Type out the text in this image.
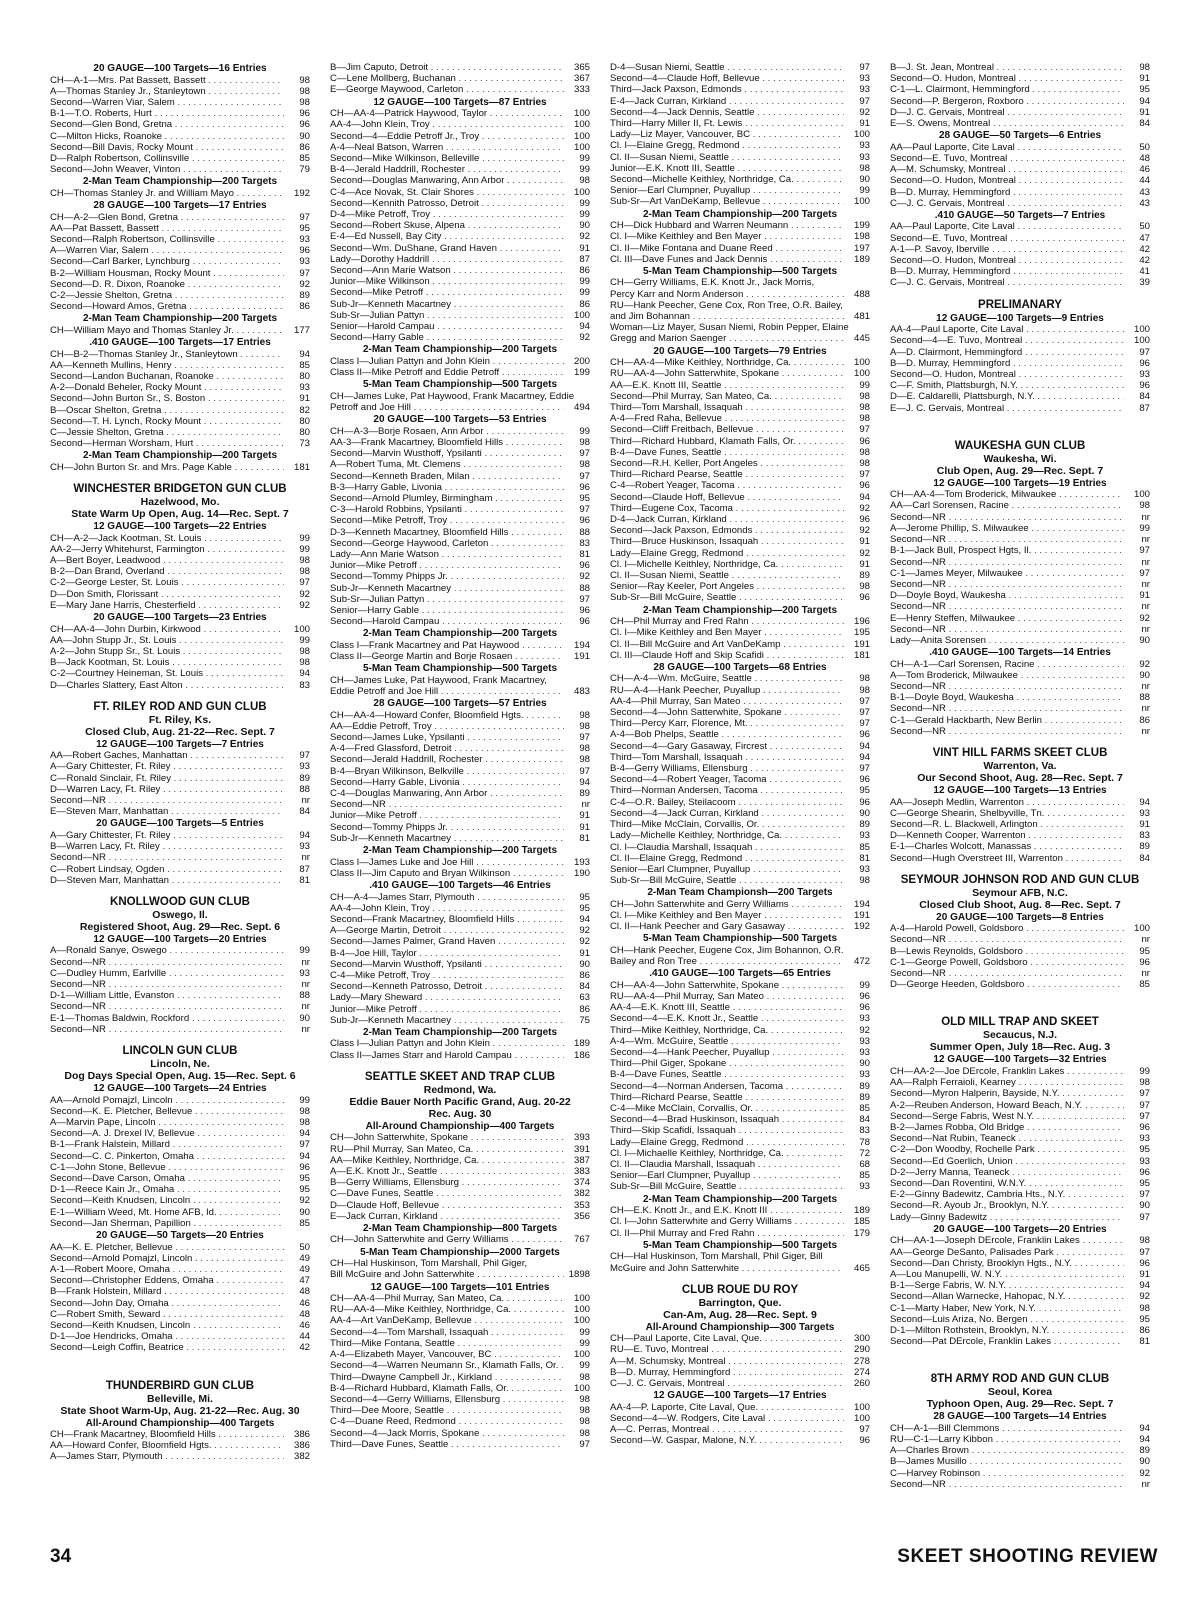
20 GAUGE—100 Targets—16 Entries
CH—A-1—Mrs. Pat Bassett, Bassett . . .	98
A—Thomas Stanley Jr., Stanleytown . . .	98
Second—Warren Viar, Salem . . .	98
B-1—T.O. Roberts, Hurt . . .	96
Second—Glen Bond, Gretna . . .	96
C—Milton Hicks, Roanoke . . .	90
Second—Bill Davis, Rocky Mount . . .	86
D—Ralph Robertson, Collinsville . . .	85
Second—John Weaver, Vinton . . .	79
2-Man Team Championship—200 Targets
CH—Thomas Stanley Jr. and William Mayo . . .	192
28 GAUGE—100 Targets—17 Entries
CH—A-2—Glen Bond, Gretna . . .	97
AA—Pat Bassett, Bassett . . .	95
Second—Ralph Robertson, Collinsville . . .	93
A—Warren Viar, Salem . . .	96
Second—Carl Barker, Lynchburg . . .	93
B-2—William Housman, Rocky Mount . . .	97
Second—D. R. Dixon, Roanoke . . .	92
C-2—Jessie Shelton, Gretna . . .	89
Second—Howard Amos, Gretna . . .	86
2-Man Team Championship—200 Targets
CH—William Mayo and Thomas Stanley Jr. . . .	177
.410 GAUGE—100 Targets—17 Entries
CH—B-2—Thomas Stanley Jr., Stanleytown . . .	94
AA—Kenneth Mullins, Henry . . .	85
Second—Landon Buchanan, Roanoke . . .	80
A-2—Donald Beheler, Rocky Mount . . .	93
Second—John Burton Sr., S. Boston . . .	91
B—Oscar Shelton, Gretna . . .	82
Second—T. H. Lynch, Rocky Mount . . .	80
C—Jessie Shelton, Gretna . . .	80
Second—Herman Worsham, Hurt . . .	73
2-Man Team Championship—200 Targets
CH—John Burton Sr. and Mrs. Page Kable . . .	181
WINCHESTER BRIDGETON GUN CLUB
Hazelwood, Mo.
State Warm Up Open, Aug. 14—Rec. Sept. 7
12 GAUGE—100 Targets—22 Entries
CH—A-2—Jack Kootman, St. Louis . . .	99
AA-2—Jerry Whitehurst, Farmington . . .	99
A—Bert Boyer, Leadwood . . .	98
B-2—Dan Brand, Overland . . .	98
C-2—George Lester, St. Louis . . .	97
D—Don Smith, Florissant . . .	92
E—Mary Jane Harris, Chesterfield . . .	92
20 GAUGE—100 Targets—23 Entries
CH—AA-4—John Durbin, Kirkwood . . .	100
AA—John Stupp Jr., St. Louis . . .	99
A-2—John Stupp Sr., St. Louis . . .	98
B—Jack Kootman, St. Louis . . .	98
C-2—Courtney Heineman, St. Louis . . .	94
D—Charles Slattery, East Alton . . .	83
FT. RILEY ROD AND GUN CLUB
Ft. Riley, Ks.
Closed Club, Aug. 21-22—Rec. Sept. 7
12 GAUGE—100 Targets—7 Entries
AA—Robert Gaches, Manhattan . . .	97
A—Gary Chittester, Ft. Riley . . .	93
C—Ronald Sinclair, Ft. Riley . . .	89
D—Warren Lacy, Ft. Riley . . .	88
Second—NR . . .	nr
E—Steven Marr, Manhattan . . .	84
20 GAUGE—100 Targets—5 Entries
A—Gary Chittester, Ft. Riley . . .	94
B—Warren Lacy, Ft. Riley . . .	93
Second—NR . . .	nr
C—Robert Lindsay, Ogden . . .	87
D—Steven Marr, Manhattan . . .	81
KNOLLWOOD GUN CLUB
Oswego, Il.
Registered Shoot, Aug. 29—Rec. Sept. 6
12 GAUGE—100 Targets—20 Entries
A—Ronald Sanye, Oswego . . .	99
Second—NR . . .	nr
C—Dudley Humm, Earlville . . .	93
Second—NR . . .	nr
D-1—William Little, Evanston . . .	88
Second—NR . . .	nr
E-1—Thomas Baldwin, Rockford . . .	90
Second—NR . . .	nr
LINCOLN GUN CLUB
Lincoln, Ne.
Dog Days Special Open, Aug. 15—Rec. Sept. 6
12 GAUGE—100 Targets—24 Entries
AA—Arnold Pomajzl, Lincoln . . .	99
Second—K. E. Pletcher, Bellevue . . .	98
A—Marvin Pape, Lincoln . . .	98
Second—A. J. Drexel IV, Bellevue . . .	94
B-1—Frank Halstein, Millard . . .	97
Second—C. C. Pinkerton, Omaha . . .	94
C-1—John Stone, Bellevue . . .	96
Second—Dave Carson, Omaha . . .	95
D-1—Reece Kain Jr., Omaha . . .	95
Second—Keith Knudsen, Lincoln . . .	92
E-1—William Weed, Mt. Home AFB, Id. . . .	90
Second—Jan Sherman, Papillion . . .	85
20 GAUGE—50 Targets—20 Entries
AA—K. E. Pletcher, Bellevue . . .	50
Second—Arnold Pomajzl, Lincoln . . .	49
A-1—Robert Moore, Omaha . . .	49
Second—Christopher Eddens, Omaha . . .	47
B—Frank Holstein, Millard . . .	48
Second—John Day, Omaha . . .	46
C—Robert Smith, Seward . . .	48
Second—Keith Knudsen, Lincoln . . .	46
D-1—Joe Hendricks, Omaha . . .	44
Second—Leigh Coffin, Beatrice . . .	42
THUNDERBIRD GUN CLUB
Belleville, Mi.
State Shoot Warm-Up, Aug. 21-22—Rec. Aug. 30
All-Around Championship—400 Targets
CH—Frank Macartney, Bloomfield Hills . . .	386
AA—Howard Confer, Bloomfield Hgts. . . .	386
A—James Starr, Plymouth . . .	382
B—Jim Caputo, Detroit . . .	365
C—Lene Mollberg, Buchanan . . .	367
E—George Maywood, Carleton . . .	333
12 GAUGE—100 Targets—87 Entries
CH—AA-4—Patrick Haywood, Taylor . . .	100
AA-4—John Klein, Troy . . .	100
Second—4—Eddie Petroff Jr., Troy . . .	100
A-4—Neal Batson, Warren . . .	100
Second—Mike Wilkinson, Belleville . . .	99
B-4—Jerald Haddrill, Rochester . . .	99
Second—Douglas Manwaring, Ann Arbor . . .	98
C-4—Ace Novak, St. Clair Shores . . .	100
Second—Kennith Patrosso, Detroit . . .	99
D-4—Mike Petroff, Troy . . .	99
Second—Robert Skuse, Alpena . . .	90
E-4—Ed Nussell, Bay City . . .	92
Second—Wm. DuShane, Grand Haven . . .	91
Lady—Dorothy Haddrill . . .	87
Second—Ann Marie Watson . . .	86
Junior—Mike Wilkinson . . .	99
Second—Mike Petroff . . .	99
Sub-Jr—Kenneth Macartney . . .	86
Sub-Sr—Julian Pattyn . . .	100
Senior—Harold Campau . . .	94
Second—Harry Gable . . .	92
2-Man Team Championship—200 Targets
Class I—Julian Pattyn and John Klein . . .	200
Class II—Mike Petroff and Eddie Petroff . . .	199
5-Man Team Championship—500 Targets
CH—James Luke, Pat Haywood, Frank Macartney, Eddie
Petroff and Joe Hill . . .	494
20 GAUGE—100 Targets—53 Entries
CH—A-3—Borje Rosaen, Ann Arbor . . .	99
AA-3—Frank Macartney, Bloomfield Hills . . .	98
Second—Marvin Wusthoff, Ypsilanti . . .	97
A—Robert Tuma, Mt. Clemens . . .	98
Second—Kenneth Braden, Milan . . .	97
B-3—Harry Gable, Livonia . . .	96
Second—Arnold Plumley, Birmingham . . .	95
C-3—Harold Robbins, Ypsilanti . . .	97
Second—Mike Petroff, Troy . . .	96
D-3—Kenneth Macartney, Bloomfield Hills . . .	88
Second—George Haywood, Carleton . . .	83
Lady—Ann Marie Watson . . .	81
Junior—Mike Petroff . . .	96
Second—Tommy Phipps Jr. . . .	92
Sub-Jr—Kenneth Macartney . . .	88
Sub-Sr—Julian Pattyn . . .	97
Senior—Harry Gable . . .	96
Second—Harold Campau . . .	96
2-Man Team Championship—200 Targets
Class I—Frank Macartney and Pat Haywood . . .	194
Class II—George Martin and Borje Rosaen . . .	191
5-Man Team Championship—500 Targets
CH—James Luke, Pat Haywood, Frank Macartney,
Eddie Petroff and Joe Hill . . .	483
28 GAUGE—100 Targets—57 Entries
CH—AA-4—Howard Confer, Bloomfield Hgts. . . .	98
AA—Eddie Petroff, Troy . . .	98
Second—James Luke, Ypsilanti . . .	97
A-4—Fred Glassford, Detroit . . .	98
Second—Jerald Haddrill, Rochester . . .	98
B-4—Bryan Wilkinson, Belkville . . .	97
Second—Harry Gable, Livonia . . .	94
C-4—Douglas Manwaring, Ann Arbor . . .	89
Second—NR . . .	nr
Junior—Mike Petroff . . .	91
Second—Tommy Phipps Jr. . . .	91
Sub-Jr—Kenneth Macartney . . .	81
2-Man Team Championship—200 Targets
Class I—James Luke and Joe Hill . . .	193
Class II—Jim Caputo and Bryan Wilkinson . . .	190
.410 GAUGE—100 Targets—46 Entries
CH—A-4—James Starr, Plymouth . . .	95
AA-4—John Klein, Troy . . .	95
Second—Frank Macartney, Bloomfield Hills . . .	94
A—George Martin, Detroit . . .	92
Second—James Palmer, Grand Haven . . .	92
B-4—Joe Hill, Taylor . . .	91
Second—Marvin Wusthoff, Ypsilanti . . .	90
C-4—Mike Petroff, Troy . . .	86
Second—Kenneth Patrosso, Detroit . . .	84
Lady—Mary Sheward . . .	63
Junior—Mike Petroff . . .	86
Sub-Jr—Kenneth Macartney . . .	75
2-Man Team Championship—200 Targets
Class I—Julian Pattyn and John Klein . . .	189
Class II—James Starr and Harold Campau . . .	186
SEATTLE SKEET AND TRAP CLUB
Redmond, Wa.
Eddie Bauer North Pacific Grand, Aug. 20-22
Rec. Aug. 30
All-Around Championship—400 Targets
CH—John Satterwhite, Spokane . . .	393
RU—Phil Murray, San Mateo, Ca. . . .	391
AA—Mike Keithley, Northridge, Ca. . . .	387
A—E.K. Knott Jr., Seattle . . .	383
B—Gerry Williams, Ellensburg . . .	374
C—Dave Funes, Seattle . . .	382
D—Claude Hoff, Bellevue . . .	353
E—Jack Curran, Kirkland . . .	356
2-Man Team Championship—800 Targets
CH—John Satterwhite and Gerry Williams . . .	767
5-Man Team Championship—2000 Targets
CH—Hal Huskinson, Tom Marshall, Phil Giger,
Bill McGuire and John Satterwhite . . .	1898
12 GAUGE—100 Targets—101 Entries
CH—AA-4—Phil Murray, San Mateo, Ca. . . .	100
RU—AA-4—Mike Keithley, Northridge, Ca. . . .	100
AA-4—Art VanDeKamp, Bellevue . . .	100
Second—4—Tom Marshall, Issaquah . . .	99
Third—Mike Fontana, Seattle . . .	99
A-4—Elizabeth Mayer, Vancouver, BC . . .	100
Second—4—Warren Neumann Sr., Klamath Falls, Or. . . .	99
Third—Dwayne Campbell Jr., Kirkland . . .	98
B-4—Richard Hubbard, Klamath Falls, Or. . . .	100
Second—4—Gerry Williams, Ellensburg . . .	98
Third—Dee Moore, Seattle . . .	98
C-4—Duane Reed, Redmond . . .	98
Second—4—Jack Morris, Spokane . . .	98
Third—Dave Funes, Seattle . . .	97
D-4—Susan Niemi, Seattle . . .	97
Second—4—Claude Hoff, Bellevue . . .	93
Third—Jack Paxson, Edmonds . . .	93
E-4—Jack Curran, Kirkland . . .	97
Second—4—Jack Dennis, Seattle . . .	92
Third—Harry Miller II, Ft. Lewis . . .	91
Lady—Liz Mayer, Vancouver, BC . . .	100
Cl. I—Elaine Gregg, Redmond . . .	93
Cl. II—Susan Niemi, Seattle . . .	93
Junior—E.K. Knott III, Seattle . . .	98
Second—Michelle Keithley, Northridge, Ca. . . .	90
Senior—Earl Clumpner, Puyallup . . .	99
Sub-Sr—Art VanDeKamp, Bellevue . . .	100
2-Man Team Championship—200 Targets
CH—Dick Hubbard and Warren Neumann . . .	199
Cl. I—Mike Keithley and Ben Mayer . . .	198
Cl. II—Mike Fontana and Duane Reed . . .	197
Cl. III—Dave Funes and Jack Dennis . . .	189
5-Man Team Championship—500 Targets
CH—Gerry Williams, E.K. Knott Jr., Jack Morris,
Percy Karr and Norm Anderson . . .	488
RU—Hank Peecher, Gene Cox, Ron Tree, O.R. Bailey,
and Jim Bohannan . . .	481
Woman—Liz Mayer, Susan Niemi, Robin Pepper, Elaine
Gregg and Marion Saenger . . .	445
20 GAUGE—100 Targets—79 Entries
CH—AA-4—Mike Keithley, Northridge, Ca. . . .	100
RU—AA-4—John Satterwhite, Spokane . . .	100
AA—E.K. Knott III, Seattle . . .	99
Second—Phil Murray, San Mateo, Ca. . . .	98
Third—Tom Marshall, Issaquah . . .	98
A-4—Fred Raha, Bellevue . . .	98
Second—Cliff Freitbach, Bellevue . . .	97
Third—Richard Hubbard, Klamath Falls, Or. . . .	96
B-4—Dave Funes, Seattle . . .	98
Second—R.H. Keller, Port Angeles . . .	98
Third—Richard Pearse, Seattle . . .	97
C-4—Robert Yeager, Tacoma . . .	96
Second—Claude Hoff, Bellevue . . .	94
Third—Eugene Cox, Tacoma . . .	92
D-4—Jack Curran, Kirkland . . .	96
Second—Jack Paxson, Edmonds . . .	92
Third—Bruce Huskinson, Issaquah . . .	91
Lady—Elaine Gregg, Redmond . . .	92
Cl. I—Michelle Keithley, Northridge, Ca. . . .	91
Cl. II—Susan Niemi, Seattle . . .	89
Senior—Ray Keeler, Port Angeles . . .	98
Sub-Sr—Bill McGuire, Seattle . . .	96
2-Man Team Championship—200 Targets
CH—Phil Murray and Fred Rahn . . .	196
Cl. I—Mike Keithley and Ben Mayer . . .	195
Cl. II—Bill McGuire and Art VanDeKamp . . .	191
Cl. III—Claude Hoff and Skip Scafidi . . .	181
28 GAUGE—100 Targets—68 Entries
CH—A-4—Wm. McGuire, Seattle . . .	98
RU—A-4—Hank Peecher, Puyallup . . .	98
AA-4—Phil Murray, San Mateo . . .	97
Second—4—John Satterwhite, Spokane . . .	97
Third—Percy Karr, Florence, Mt. . . .	97
A-4—Bob Phelps, Seattle . . .	96
Second—4—Gary Gasaway, Fircrest . . .	94
Third—Tom Marshall, Issaquah . . .	94
B-4—Gerry Williams, Ellensburg . . .	97
Second—4—Robert Yeager, Tacoma . . .	96
Third—Norman Andersen, Tacoma . . .	95
C-4—O.R. Bailey, Steilacoom . . .	96
Second—4—Jack Curran, Kirkland . . .	90
Third—Mike McClain, Corvallis, Or. . . .	89
Lady—Michelle Keithley, Northridge, Ca. . . .	93
Cl. I—Claudia Marshall, Issaquah . . .	85
Cl. II—Elaine Gregg, Redmond . . .	81
Senior—Earl Clumpner, Puyallup . . .	93
Sub-Sr—Bill McGuire, Seattle . . .	98
2-Man Team Championsh—200 Targets
CH—John Satterwhite and Gerry Williams . . .	194
Cl. I—Mike Keithley and Ben Mayer . . .	191
Cl. II—Hank Peecher and Gary Gasaway . . .	192
5-Man Team Championship—500 Targets
CH—Hank Peecher, Eugene Cox, Jim Bohannon, O.R.
Bailey and Ron Tree . . .	472
.410 GAUGE—100 Targets—65 Entries
CH—AA-4—John Satterwhite, Spokane . . .	99
RU—AA-4—Phil Murray, San Mateo . . .	96
AA-4—E.K. Knott III, Seattle . . .	96
Second—4—E.K. Knott Jr., Seattle . . .	93
Third—Mike Keithley, Northridge, Ca. . . .	92
A-4—Wm. McGuire, Seattle . . .	93
Second—4—Hank Peecher, Puyallup . . .	93
Third—Phil Giger, Spokane . . .	90
B-4—Dave Funes, Seattle . . .	93
Second—4—Norman Andersen, Tacoma . . .	89
Third—Richard Pearse, Seattle . . .	89
C-4—Mike McClain, Corvallis, Or. . . .	85
Second—4—Brad Huskinson, Issaquah . . .	84
Third—Skip Scafidi, Issaquah . . .	83
Lady—Elaine Gregg, Redmond . . .	78
Cl. I—Michaelle Keithley, Northridge, Ca. . . .	72
Cl. II—Claudia Marshall, Issaquah . . .	68
Senior—Earl Clumpner, Puyallup . . .	85
Sub-Sr—Bill McGuire, Seattle . . .	93
2-Man Team Championship—200 Targets
CH—E.K. Knott Jr., and E.K. Knott III . . .	189
Cl. I—John Satterwhite and Gerry Williams . . .	185
Cl. II—Phil Murray and Fred Rahn . . .	179
5-Man Team Championship—500 Targets
CH—Hal Huskinson, Tom Marshall, Phil Giger, Bill
McGuire and John Satterwhite . . .	465
CLUB ROUE DU ROY
Barrington, Que.
Can-Am, Aug. 28—Rec. Sept. 9
All-Around Championship—300 Targets
CH—Paul Laporte, Cite Laval, Que. . . .	300
RU—E. Tuvo, Montreal . . .	290
A—M. Schumsky, Montreal . . .	278
B—D. Murray, Hemmingford . . .	274
C—J. C. Gervais, Montreal . . .	260
12 GAUGE—100 Targets—17 Entries
AA-4—P. Laporte, Cite Laval, Que. . . .	100
Second—4—W. Rodgers, Cite Laval . . .	100
A—C. Perras, Montreal . . .	97
Second—W. Gaspar, Malone, N.Y. . . .	96
B—J. St. Jean, Montreal . . .	98
Second—O. Hudon, Montreal . . .	91
C-1—L. Clairmont, Hemmingford . . .	95
Second—P. Bergeron, Roxboro . . .	94
D—J. C. Gervais, Montreal . . .	91
E—S. Owens, Montreal . . .	84
28 GAUGE—50 Targets—6 Entries
AA—Paul Laporte, Cite Laval . . .	50
Second—E. Tuvo, Montreal . . .	48
A—M. Schumsky, Montreal . . .	46
Second—O. Hudon, Montreal . . .	44
B—D. Murray, Hemmingford . . .	43
C—J. C. Gervais, Montreal . . .	43
.410 GAUGE—50 Targets—7 Entries
AA—Paul Laporte, Cite Laval . . .	50
Second—E. Tuvo, Montreal . . .	47
A-1—P. Savoy, Iberville . . .	42
Second—O. Hudon, Montreal . . .	42
B—D. Murray, Hemmingford . . .	41
C—J. C. Gervais, Montreal . . .	39
PRELIMANARY
12 GAUGE—100 Targets—9 Entries
AA-4—Paul Laporte, Cite Laval . . .	100
Second—4—E. Tuvo, Montreal . . .	100
A—D. Clairmont, Hemmingford . . .	97
B—D. Murray, Hemmingford . . .	96
Second—O. Hudon, Montreal . . .	93
C—F. Smith, Plattsburgh, N.Y. . . .	96
D—E. Caldarelli, Plattsburgh, N.Y. . . .	84
E—J. C. Gervais, Montreal . . .	87
WAUKESHA GUN CLUB
Waukesha, Wi.
Club Open, Aug. 29—Rec. Sept. 7
12 GAUGE—100 Targets—19 Entries
CH—AA-4—Tom Broderick, Milwaukee . . .	100
AA—Carl Sorensen, Racine . . .	98
Second—NR . . .	nr
A—Jerome Phillip, S. Milwaukee . . .	99
Second—NR . . .	nr
B-1—Jack Bull, Prospect Hgts, Il. . . .	97
Second—NR . . .	nr
C-1—James Meyer, Milwaukee . . .	97
Second—NR . . .	nr
D—Doyle Boyd, Waukesha . . .	91
Second—NR . . .	nr
E—Henry Steffen, Milwaukee . . .	92
Second—NR . . .	nr
Lady—Anita Sorensen . . .	90
.410 GAUGE—100 Targets—14 Entries
CH—A-1—Carl Sorensen, Racine . . .	92
A—Tom Broderick, Milwaukee . . .	90
Second—NR . . .	nr
B-1—Doyle Boyd, Waukesha . . .	88
Second—NR . . .	nr
C-1—Gerald Hackbarth, New Berlin . . .	86
Second—NR . . .	nr
VINT HILL FARMS SKEET CLUB
Warrenton, Va.
Our Second Shoot, Aug. 28—Rec. Sept. 7
12 GAUGE—100 Targets—13 Entries
AA—Joseph Medlin, Warrenton . . .	94
C—George Shearin, Shelbyville, Tn. . . .	93
Second—R. L. Blackwell, Arlington . . .	91
D—Kenneth Cooper, Warrenton . . .	83
E-1—Charles Wolcott, Manassas . . .	89
Second—Hugh Overstreet III, Warrenton . . .	84
SEYMOUR JOHNSON ROD AND GUN CLUB
Seymour AFB, N.C.
Closed Club Shoot, Aug. 8—Rec. Sept. 7
20 GAUGE—100 Targets—8 Entries
A-4—Harold Powell, Goldsboro . . .	100
Second—NR . . .	nr
B—Lewis Reynolds, Goldsboro . . .	95
C-1—George Powell, Goldsboro . . .	96
Second—NR . . .	nr
D—George Heeden, Goldsboro . . .	85
OLD MILL TRAP AND SKEET
Secaucus, N.J.
Summer Open, July 18—Rec. Aug. 3
12 GAUGE—100 Targets—32 Entries
CH—AA-2—Joe DErcole, Franklin Lakes . . .	99
AA—Ralph Ferraioli, Kearney . . .	98
Second—Myron Halperin, Bayside, N.Y. . . .	97
A-2—Reuben Anderson, Howard Beach, N.Y. . . .	97
Second—Serge Fabris, West N.Y. . . .	97
B-2—James Robba, Old Bridge . . .	96
Second—Nat Rubin, Teaneck . . .	93
C-2—Don Woodby, Rochelle Park . . .	95
Second—Ed Goerlich, Union . . .	93
D-2—Jerry Manna, Teaneck . . .	96
Second—Dan Roventini, W.N.Y. . . .	95
E-2—Ginny Badewitz, Cambria Hts., N.Y. . . .	97
Second—R. Ayoub Jr., Brooklyn, N.Y. . . .	90
Lady—Ginny Badewitz . . .	97
20 GAUGE—100 Targets—20 Entries
CH—AA-1—Joseph DErcole, Franklin Lakes . . .	98
AA—George DeSanto, Palisades Park . . .	97
Second—Dan Christy, Brooklyn Hgts., N.Y. . . .	96
A—Lou Manupelli, W. N.Y. . . .	91
B-1—Serge Fabris, W. N.Y. . . .	94
Second—Allan Warnecke, Hahopac, N.Y. . . .	92
C-1—Marty Haber, New York, N.Y. . . .	98
Second—Luis Ariza, No. Bergen . . .	95
D-1—Milton Rothstein, Brooklyn, N.Y. . . .	86
Second—Pat DErcole, Franklin Lakes . . .	81
8TH ARMY ROD AND GUN CLUB
Seoul, Korea
Typhoon Open, Aug. 29—Rec. Sept. 7
28 GAUGE—100 Targets—14 Entries
CH—A-1—Bill Clemmons . . .	94
RU—C-1—Larry Kibbon . . .	94
A—Charles Brown . . .	89
B—James Musillo . . .	90
C—Harvey Robinson . . .	92
Second—NR . . .	nr
34	SKEET SHOOTING REVIEW
